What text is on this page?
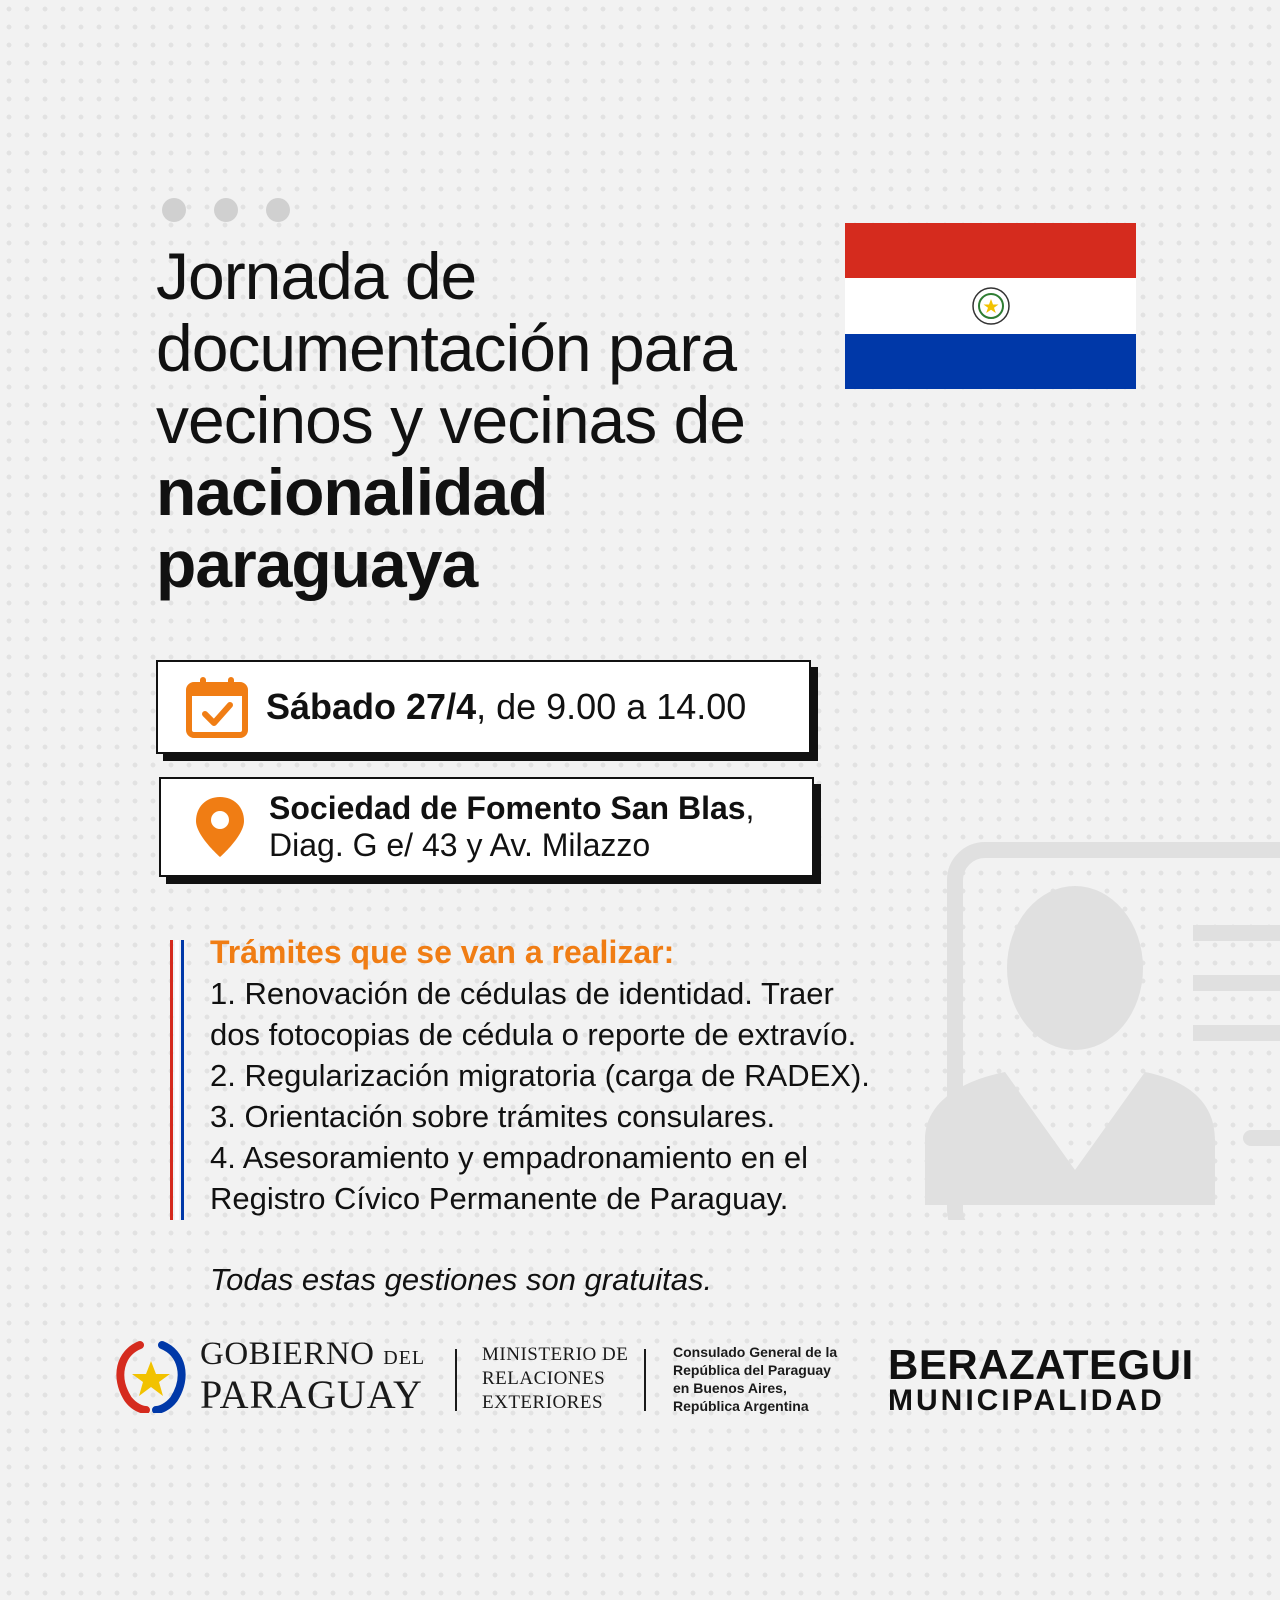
Jornada de
documentación para
vecinos y vecinas de
nacionalidad
paraguaya
Sábado 27/4, de 9.00 a 14.00
Sociedad de Fomento San Blas,
Diag. G e/ 43 y Av. Milazzo
Trámites que se van a realizar:
1. Renovación de cédulas de identidad. Traer
dos fotocopias de cédula o reporte de extravío.
2. Regularización migratoria (carga de RADEX).
3. Orientación sobre trámites consulares.
4. Asesoramiento y empadronamiento en el
Registro Cívico Permanente de Paraguay.
Todas estas gestiones son gratuitas.
GOBIERNO DEL
PARAGUAY
MINISTERIO DE
RELACIONES
EXTERIORES
Consulado General de la
República del Paraguay
en Buenos Aires,
República Argentina
BERAZATEGUI
MUNICIPALIDAD
